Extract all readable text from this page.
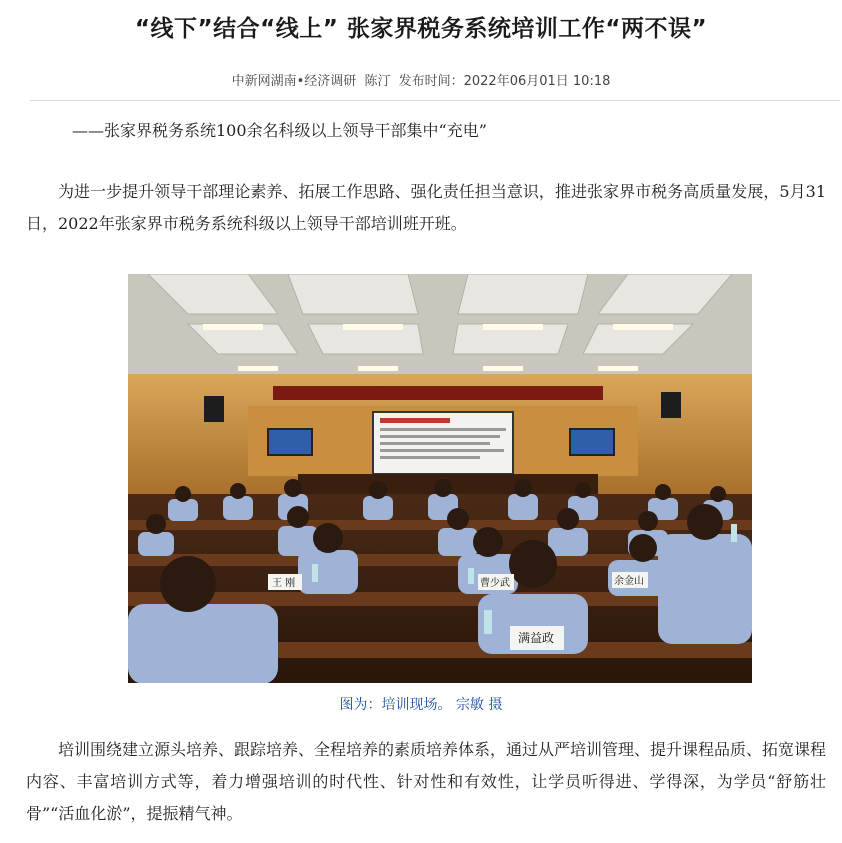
“线下”结合“线上” 张家界税务系统培训工作“两不误”
中新网湖南•经济调研 陈汀 发布时间：2022年06月01日 10:18
——张家界税务系统100余名科级以上领导干部集中“充电”

为进一步提升领导干部理论素养、拓展工作思路、强化责任担当意识，推进张家界市税务高质量发展，5月31日，2022年张家界市税务系统科级以上领导干部培训班开班。

王 刚	曹少武	余金山
满益政
图为：培训现场。 宗敏 摄

培训围绕建立源头培养、跟踪培养、全程培养的素质培养体系，通过从严培训管理、提升课程品质、拓宽课程内容、丰富培训方式等，着力增强培训的时代性、针对性和有效性，让学员听得进、学得深，为学员“舒筋壮骨”“活血化淤”，提振精气神。
